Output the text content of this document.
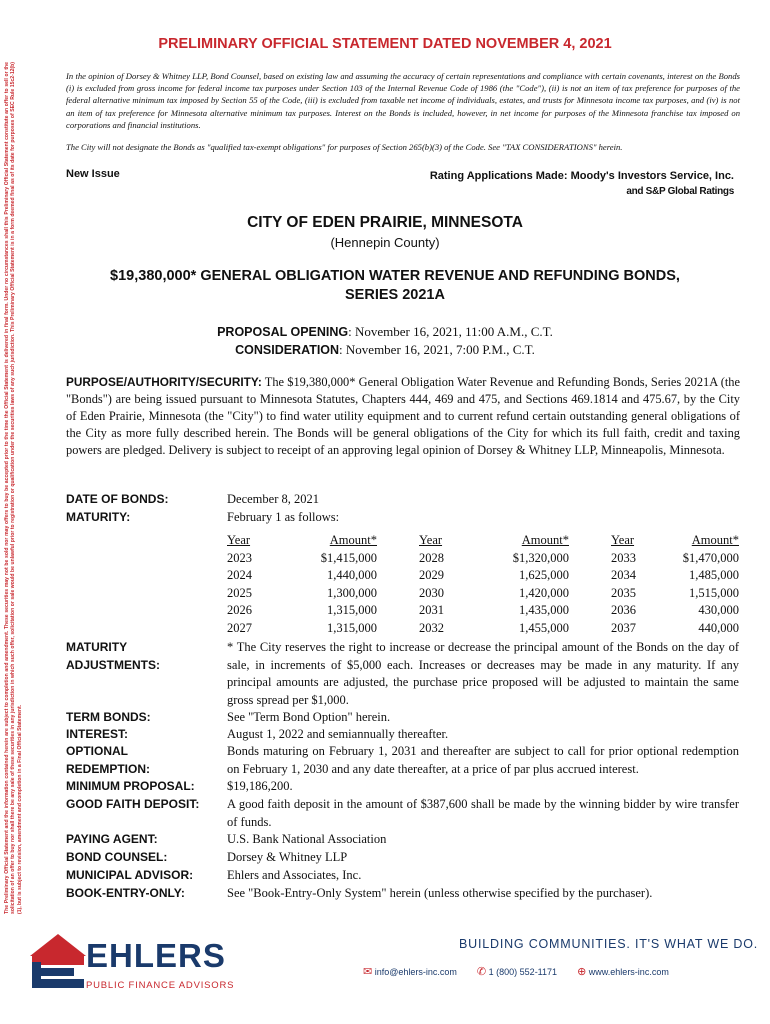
The Preliminary Official Statement and the information contained herein are subject to completion and amendment. These securities may not be sold nor may offers to buy be accepted prior to the time the Official Statement is delivered in final form. Under no circumstances shall this Preliminary Official Statement constitute an offer to sell or the solicitation of an offer to buy nor shall there be any sale of these securities in any jurisdiction in which such offer, solicitation or sale would be unlawful prior to registration or qualification under the securities laws of any such jurisdiction. This Preliminary Official Statement is in a form deemed final as of its date for purposes of SEC Rule 15c2-12(b)(1), but is subject to revision, amendment and completion in a Final Official Statement.
PRELIMINARY OFFICIAL STATEMENT DATED NOVEMBER 4, 2021
In the opinion of Dorsey & Whitney LLP, Bond Counsel, based on existing law and assuming the accuracy of certain representations and compliance with certain covenants, interest on the Bonds (i) is excluded from gross income for federal income tax purposes under Section 103 of the Internal Revenue Code of 1986 (the "Code"), (ii) is not an item of tax preference for purposes of the federal alternative minimum tax imposed by Section 55 of the Code, (iii) is excluded from taxable net income of individuals, estates, and trusts for Minnesota income tax purposes, and (iv) is not an item of tax preference for Minnesota alternative minimum tax purposes. Interest on the Bonds is included, however, in net income for purposes of the Minnesota franchise tax imposed on corporations and financial institutions.
The City will not designate the Bonds as "qualified tax-exempt obligations" for purposes of Section 265(b)(3) of the Code. See "TAX CONSIDERATIONS" herein.
New Issue	Rating Applications Made: Moody's Investors Service, Inc.
and S&P Global Ratings
CITY OF EDEN PRAIRIE, MINNESOTA
(Hennepin County)
$19,380,000* GENERAL OBLIGATION WATER REVENUE AND REFUNDING BONDS,
SERIES 2021A
PROPOSAL OPENING: November 16, 2021, 11:00 A.M., C.T.
CONSIDERATION: November 16, 2021, 7:00 P.M., C.T.
PURPOSE/AUTHORITY/SECURITY: The $19,380,000* General Obligation Water Revenue and Refunding Bonds, Series 2021A (the "Bonds") are being issued pursuant to Minnesota Statutes, Chapters 444, 469 and 475, and Sections 469.1814 and 475.67, by the City of Eden Prairie, Minnesota (the "City") to find water utility equipment and to current refund certain outstanding general obligations of the City as more fully described herein. The Bonds will be general obligations of the City for which its full faith, credit and taxing powers are pledged. Delivery is subject to receipt of an approving legal opinion of Dorsey & Whitney LLP, Minneapolis, Minnesota.
DATE OF BONDS:	December 8, 2021
MATURITY:	February 1 as follows:
Year	Amount*
2023	$1,415,000
2024	1,440,000
2025	1,300,000
2026	1,315,000
2027	1,315,000
Year	Amount*
2028	$1,320,000
2029	1,625,000
2030	1,420,000
2031	1,435,000
2032	1,455,000
Year	Amount*
2033	$1,470,000
2034	1,485,000
2035	1,515,000
2036	430,000
2037	440,000
MATURITY
ADJUSTMENTS:
* The City reserves the right to increase or decrease the principal amount of the Bonds on the day of sale, in increments of $5,000 each. Increases or decreases may be made in any maturity. If any principal amounts are adjusted, the purchase price proposed will be adjusted to maintain the same gross spread per $1,000.
TERM BONDS:	See "Term Bond Option" herein.
INTEREST:	August 1, 2022 and semiannually thereafter.
OPTIONAL
REDEMPTION:
Bonds maturing on February 1, 2031 and thereafter are subject to call for prior optional redemption on February 1, 2030 and any date thereafter, at a price of par plus accrued interest.
MINIMUM PROPOSAL:	$19,186,200.
GOOD FAITH DEPOSIT: A good faith deposit in the amount of $387,600 shall be made by the winning bidder by wire transfer of funds.
PAYING AGENT:	U.S. Bank National Association
BOND COUNSEL:	Dorsey & Whitney LLP
MUNICIPAL ADVISOR:	Ehlers and Associates, Inc.
BOOK-ENTRY-ONLY:	See "Book-Entry-Only System" herein (unless otherwise specified by the purchaser).
EHLERS
PUBLIC FINANCE ADVISORS
BUILDING COMMUNITIES. IT'S WHAT WE DO.
✉ info@ehlers-inc.com ✆ 1 (800) 552-1171 ⊕ www.ehlers-inc.com
